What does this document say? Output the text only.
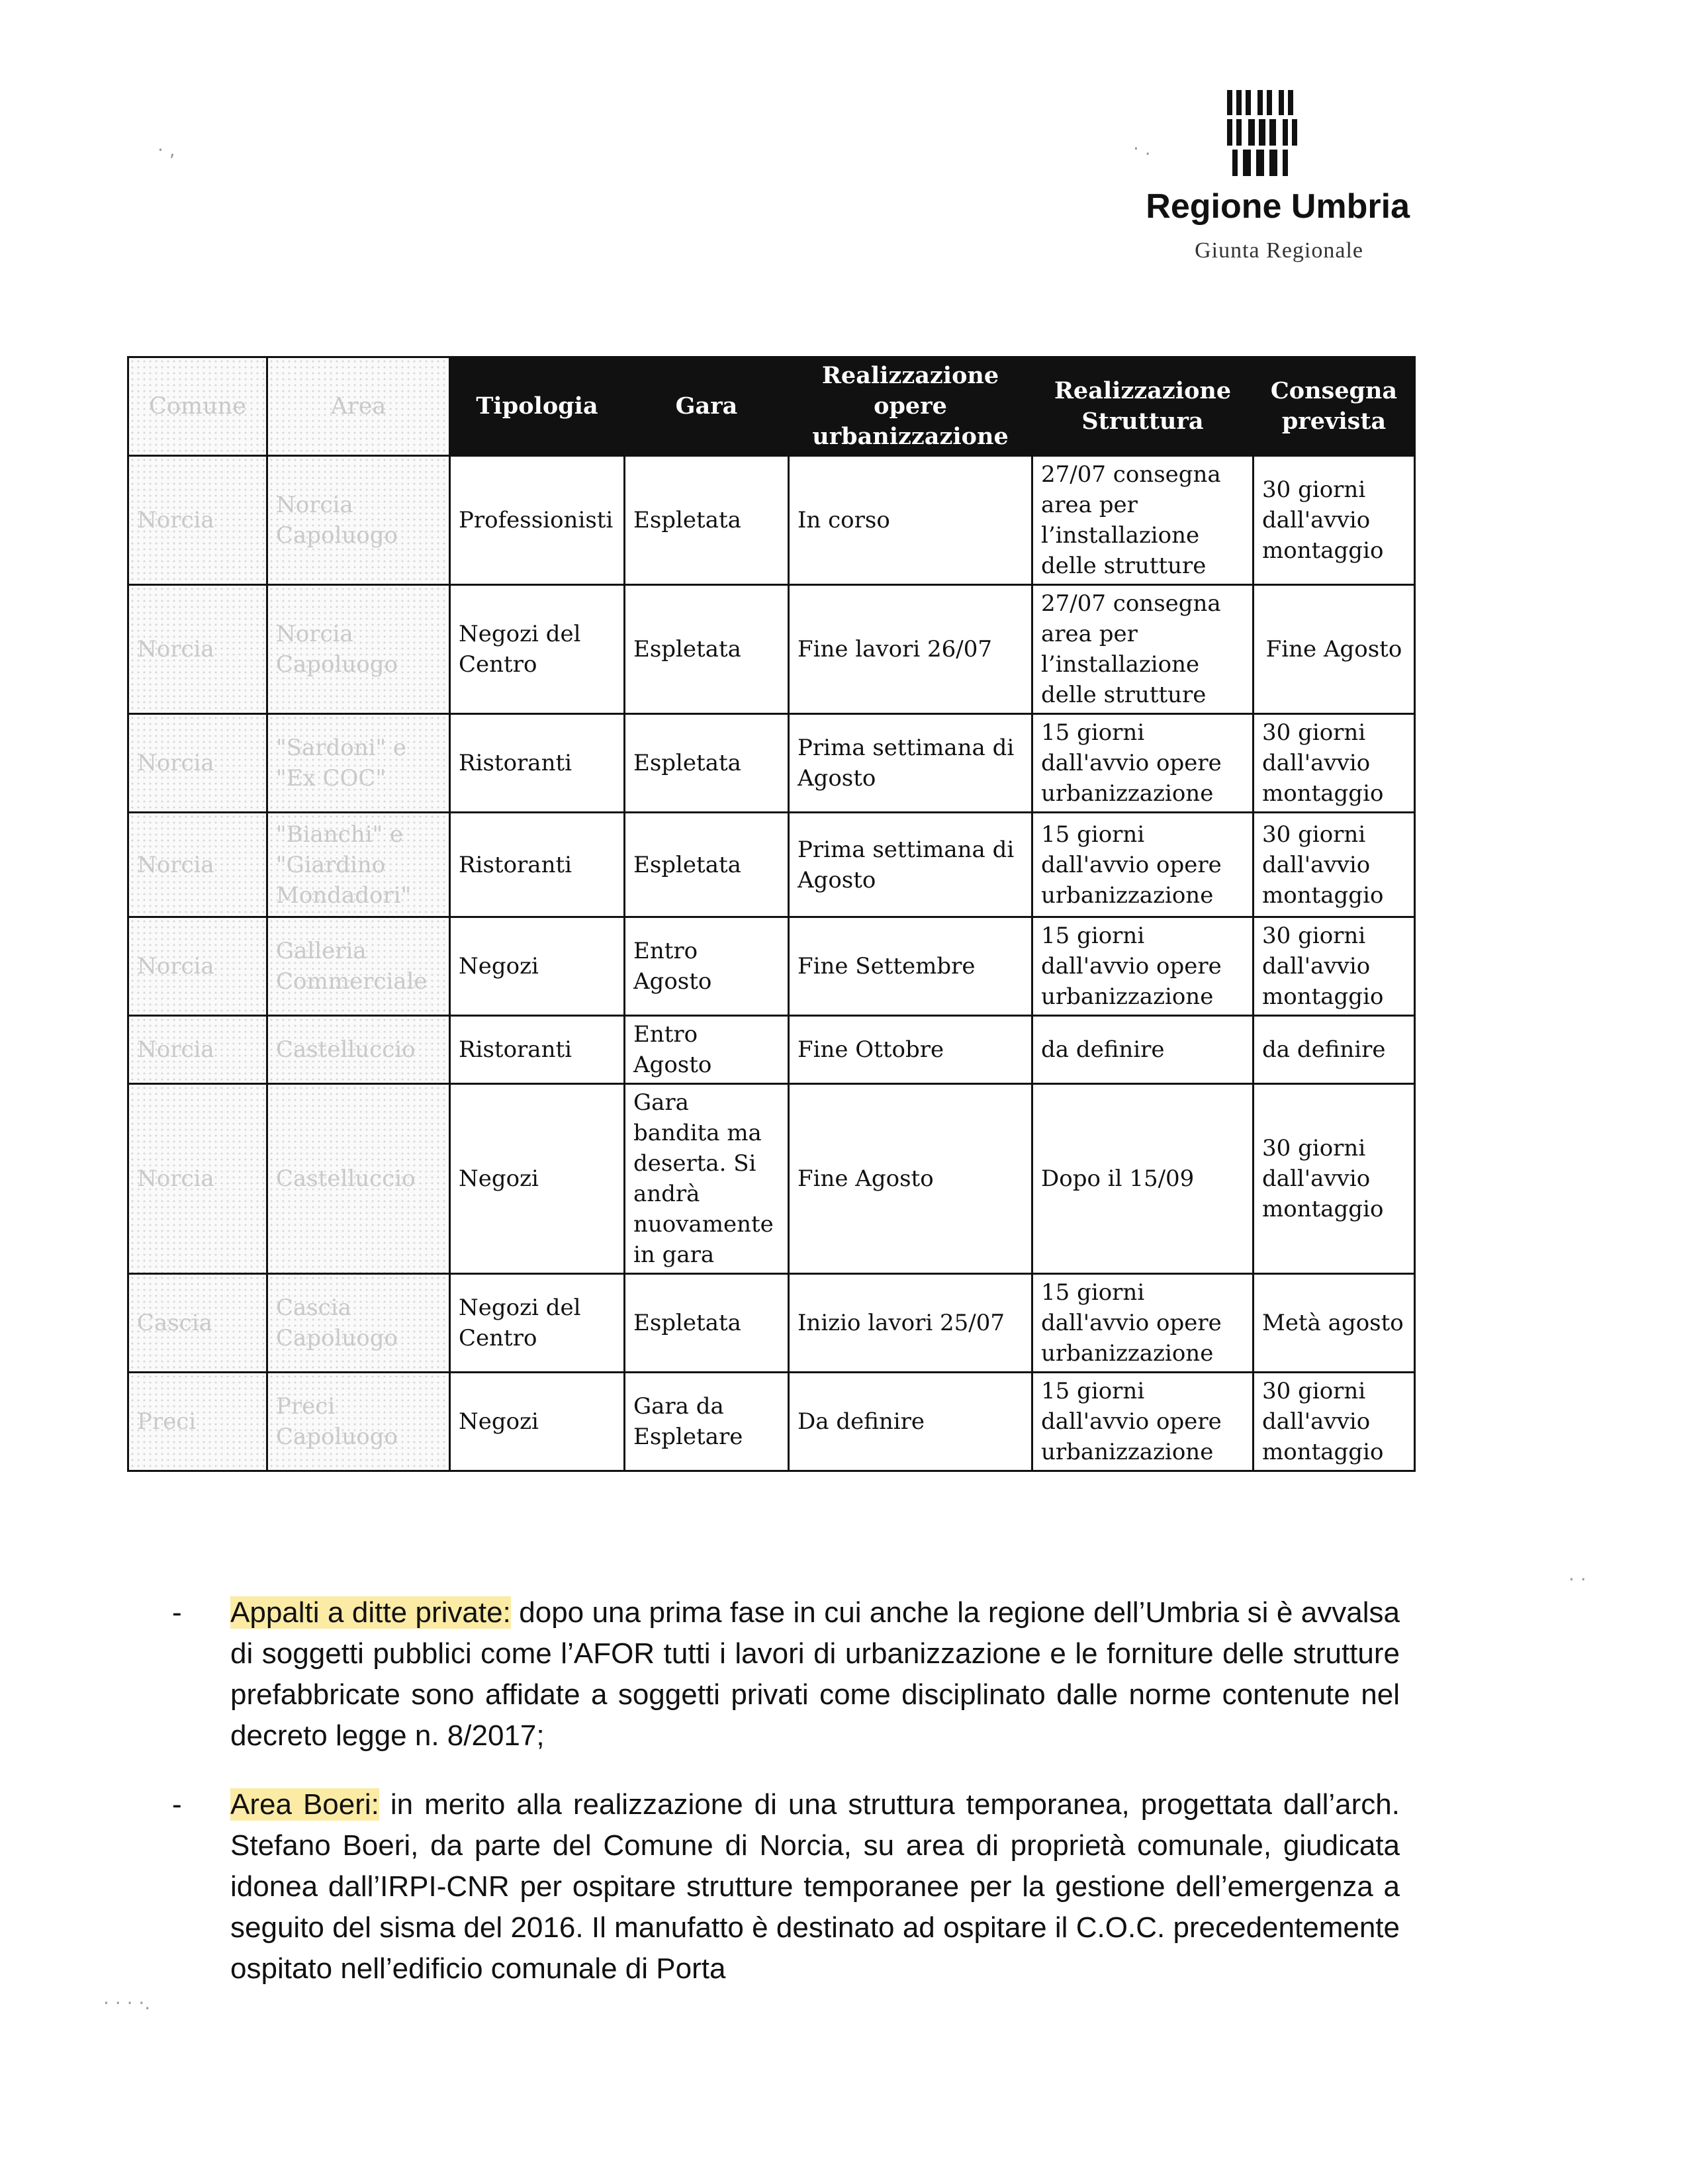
Regione Umbria
Giunta Regionale
· ,	· .
· ·
· · · ·.
Comune	Area	Tipologia	Gara	Realizzazione opere urbanizzazione	Realizzazione Struttura	Consegna prevista
Norcia	Norcia Capoluogo	Professionisti	Espletata	In corso	27/07 consegna area per l’installazione delle strutture	30 giorni dall'avvio montaggio
Norcia	Norcia Capoluogo	Negozi del Centro	Espletata	Fine lavori 26/07	27/07 consegna area per l’installazione delle strutture	Fine Agosto
Norcia	"Sardoni" e "Ex COC"	Ristoranti	Espletata	Prima settimana di Agosto	15 giorni dall'avvio opere urbanizzazione	30 giorni dall'avvio montaggio
Norcia	"Bianchi" e "Giardino Mondadori"	Ristoranti	Espletata	Prima settimana di Agosto	15 giorni dall'avvio opere urbanizzazione	30 giorni dall'avvio montaggio
Norcia	Galleria Commerciale	Negozi	Entro Agosto	Fine Settembre	15 giorni dall'avvio opere urbanizzazione	30 giorni dall'avvio montaggio
Norcia	Castelluccio	Ristoranti	Entro Agosto	Fine Ottobre	da definire	da definire
Norcia	Castelluccio	Negozi	Gara bandita ma deserta. Si andrà nuovamente in gara	Fine Agosto	Dopo il 15/09	30 giorni dall'avvio montaggio
Cascia	Cascia Capoluogo	Negozi del Centro	Espletata	Inizio lavori 25/07	15 giorni dall'avvio opere urbanizzazione	Metà agosto
Preci	Preci Capoluogo	Negozi	Gara da Espletare	Da definire	15 giorni dall'avvio opere urbanizzazione	30 giorni dall'avvio montaggio
- Appalti a ditte private: dopo una prima fase in cui anche la regione dell’Umbria si è avvalsa di soggetti pubblici come l’AFOR tutti i lavori di urbanizzazione e le forniture delle strutture prefabbricate sono affidate a soggetti privati come disciplinato dalle norme contenute nel decreto legge n. 8/2017;
- Area Boeri: in merito alla realizzazione di una struttura temporanea, progettata dall’arch. Stefano Boeri, da parte del Comune di Norcia, su area di proprietà comunale, giudicata idonea dall’IRPI-CNR per ospitare strutture temporanee per la gestione dell’emergenza a seguito del sisma del 2016. Il manufatto è destinato ad ospitare il C.O.C. precedentemente ospitato nell’edificio comunale di Porta
